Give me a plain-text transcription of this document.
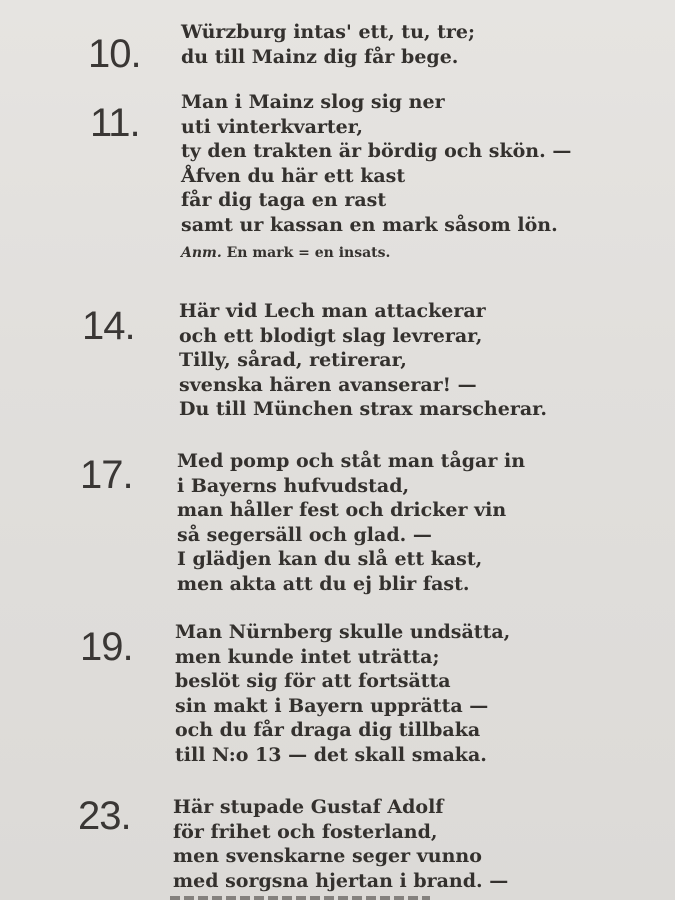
10. Würzburg intas' ett, tu, tre;
du till Mainz dig får bege.
11. Man i Mainz slog sig ner
uti vinterkvarter,
ty den trakten är bördig och skön. —
Åfven du här ett kast
får dig taga en rast
samt ur kassan en mark såsom lön.
Anm. En mark = en insats.
14. Här vid Lech man attackerar
och ett blodigt slag levrerar,
Tilly, sårad, retirerar,
svenska hären avanserar! —
Du till München strax marscherar.
17. Med pomp och ståt man tågar in
i Bayerns hufvudstad,
man håller fest och dricker vin
så segersäll och glad. —
I glädjen kan du slå ett kast,
men akta att du ej blir fast.
19. Man Nürnberg skulle undsätta,
men kunde intet uträtta;
beslöt sig för att fortsätta
sin makt i Bayern upprätta —
och du får draga dig tillbaka
till N:o 13 — det skall smaka.
23. Här stupade Gustaf Adolf
för frihet och fosterland,
men svenskarne seger vunno
med sorgsna hjertan i brand. —
